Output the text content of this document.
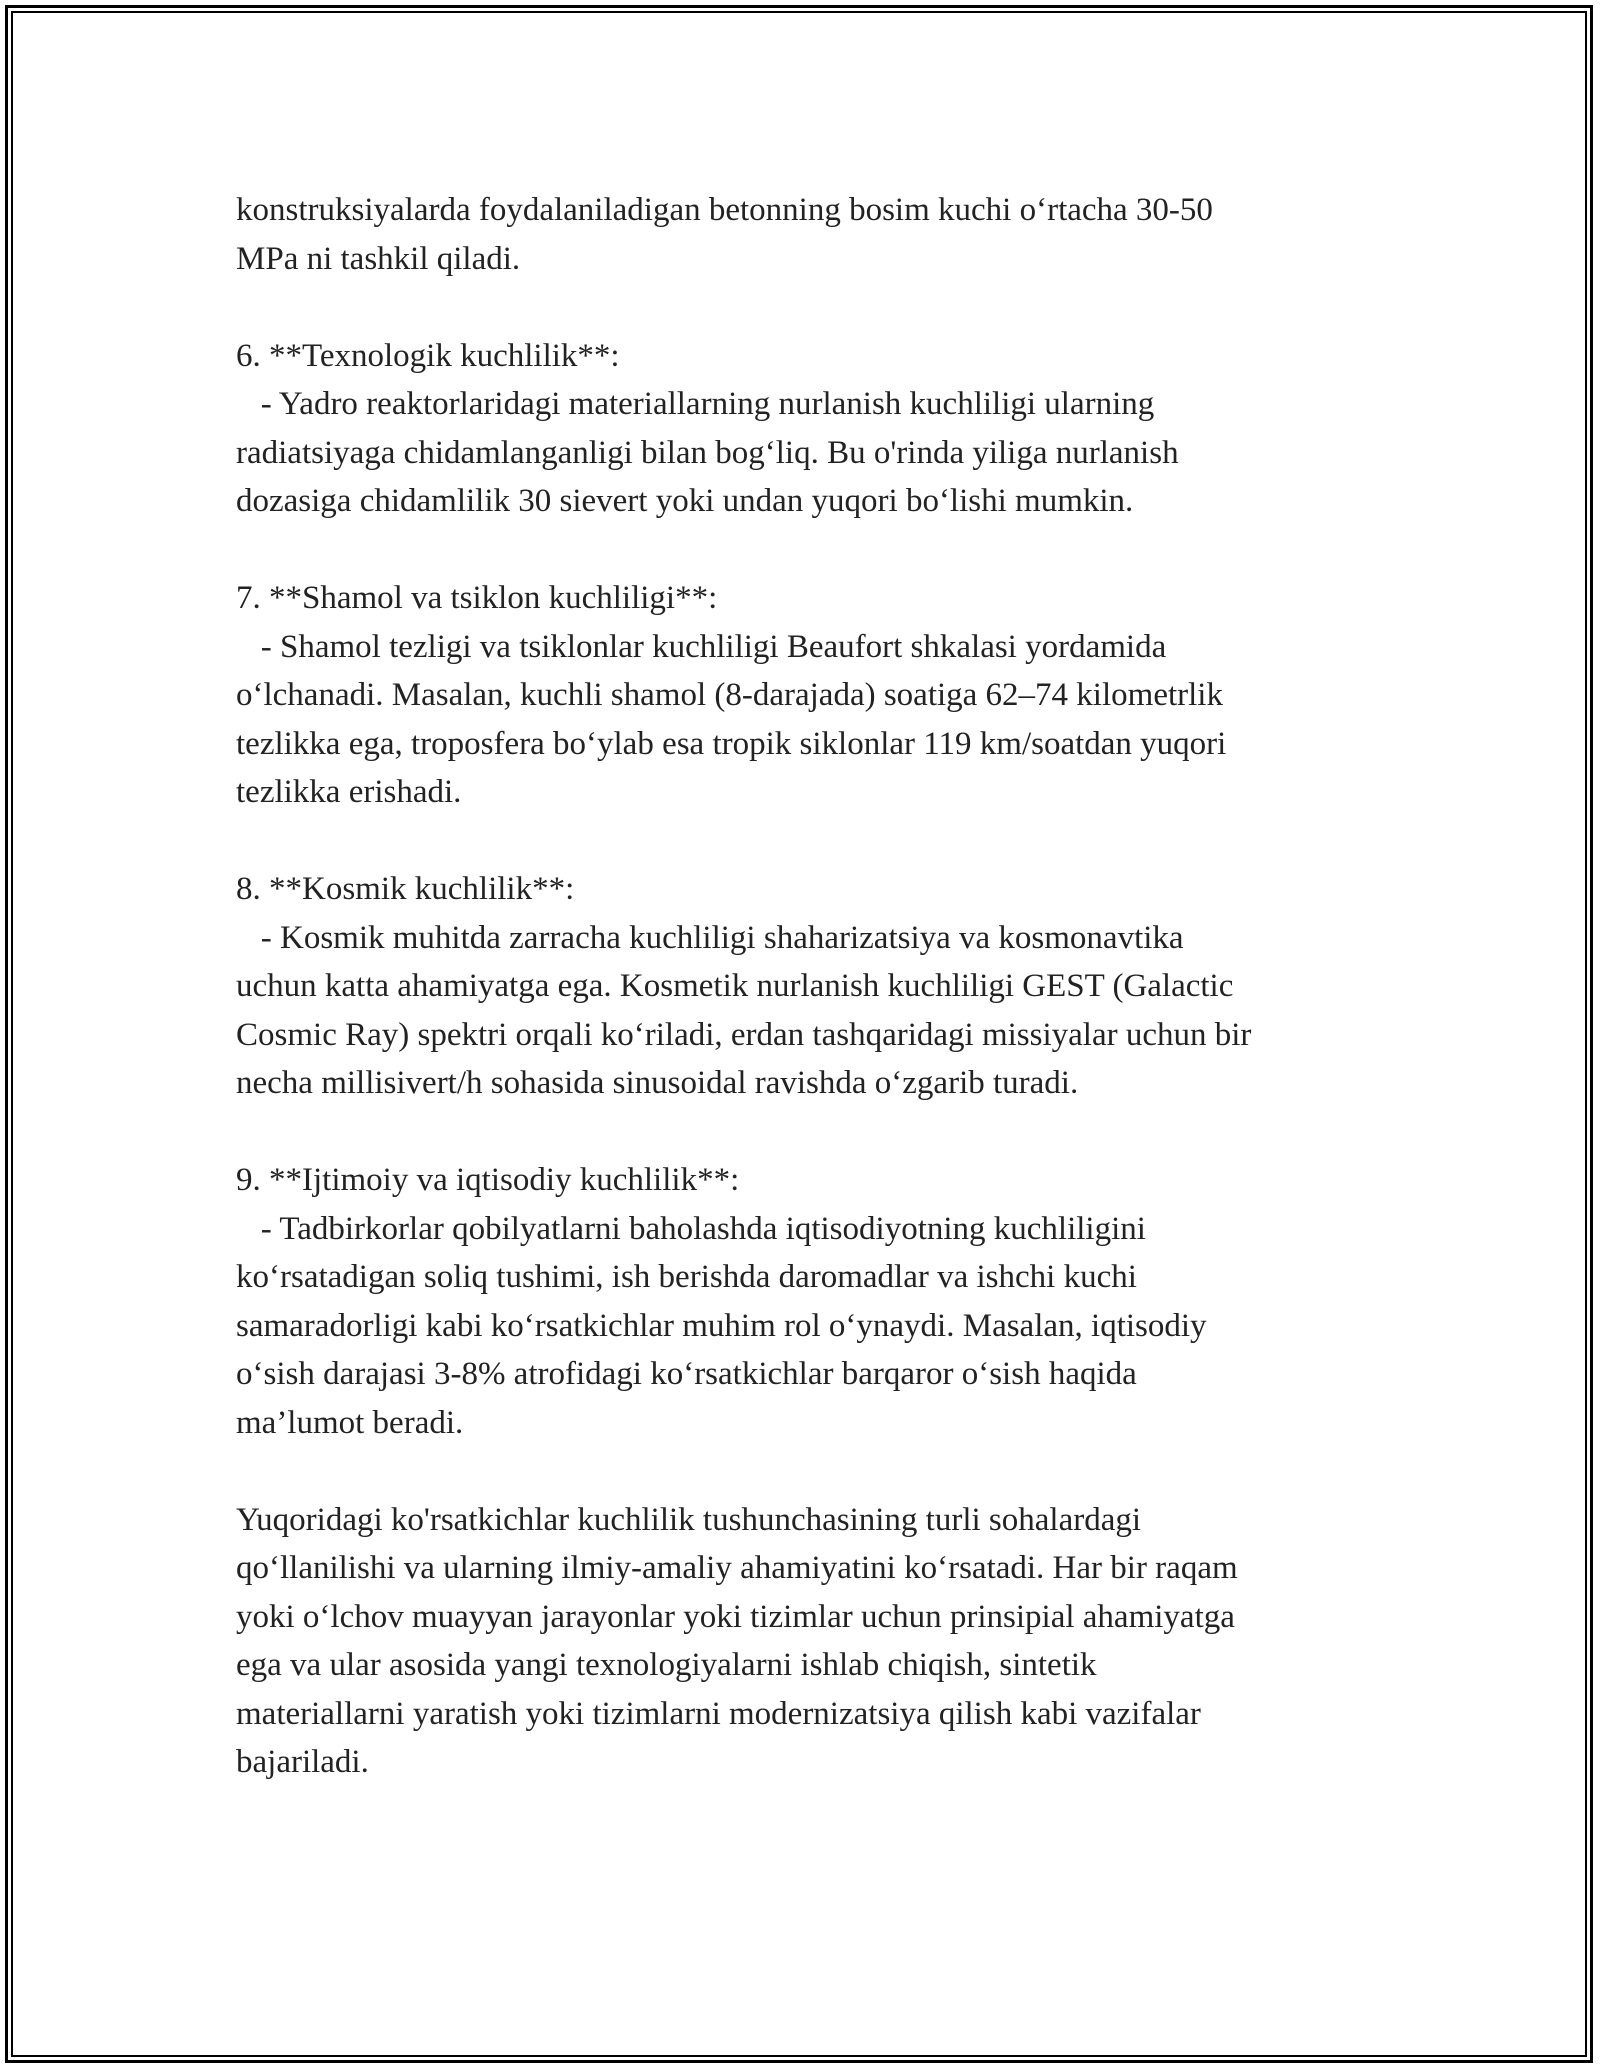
konstruksiyalarda foydalaniladigan betonning bosim kuchi o‘rtacha 30-50
MPa ni tashkil qiladi.
6. **Texnologik kuchlilik**:
- Yadro reaktorlaridagi materiallarning nurlanish kuchliligi ularning
radiatsiyaga chidamlanganligi bilan bog‘liq. Bu o'rinda yiliga nurlanish
dozasiga chidamlilik 30 sievert yoki undan yuqori bo‘lishi mumkin.
7. **Shamol va tsiklon kuchliligi**:
- Shamol tezligi va tsiklonlar kuchliligi Beaufort shkalasi yordamida
o‘lchanadi. Masalan, kuchli shamol (8-darajada) soatiga 62–74 kilometrlik
tezlikka ega, troposfera bo‘ylab esa tropik siklonlar 119 km/soatdan yuqori
tezlikka erishadi.
8. **Kosmik kuchlilik**:
- Kosmik muhitda zarracha kuchliligi shaharizatsiya va kosmonavtika
uchun katta ahamiyatga ega. Kosmetik nurlanish kuchliligi GEST (Galactic
Cosmic Ray) spektri orqali ko‘riladi, erdan tashqaridagi missiyalar uchun bir
necha millisivert/h sohasida sinusoidal ravishda o‘zgarib turadi.
9. **Ijtimoiy va iqtisodiy kuchlilik**:
- Tadbirkorlar qobilyatlarni baholashda iqtisodiyotning kuchliligini
ko‘rsatadigan soliq tushimi, ish berishda daromadlar va ishchi kuchi
samaradorligi kabi ko‘rsatkichlar muhim rol o‘ynaydi. Masalan, iqtisodiy
o‘sish darajasi 3-8% atrofidagi ko‘rsatkichlar barqaror o‘sish haqida
ma’lumot beradi.
Yuqoridagi ko'rsatkichlar kuchlilik tushunchasining turli sohalardagi
qo‘llanilishi va ularning ilmiy-amaliy ahamiyatini ko‘rsatadi. Har bir raqam
yoki o‘lchov muayyan jarayonlar yoki tizimlar uchun prinsipial ahamiyatga
ega va ular asosida yangi texnologiyalarni ishlab chiqish, sintetik
materiallarni yaratish yoki tizimlarni modernizatsiya qilish kabi vazifalar
bajariladi.
